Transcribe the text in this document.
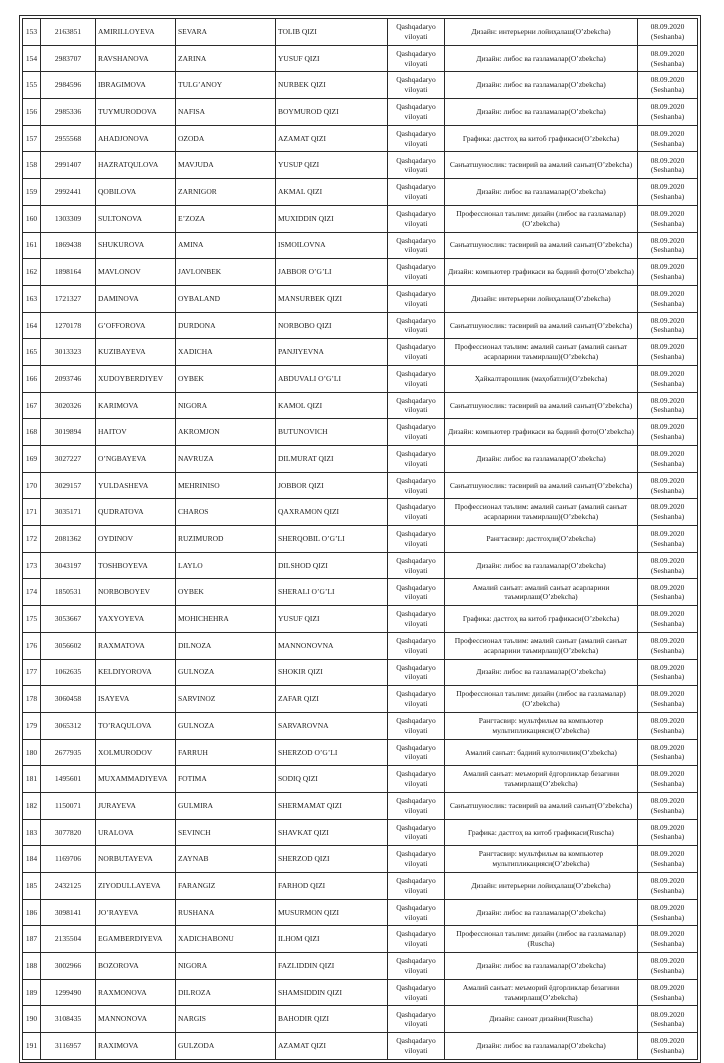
153	2163851	AMIRILLOYEVA	SEVARA	TOLIB QIZI	Qashqadaryo viloyati	Дизайн: интерьерни лойиҳалаш(O’zbekcha)	08.09.2020 (Seshanba)
154	2983707	RAVSHANOVA	ZARINA	YUSUF QIZI	Qashqadaryo viloyati	Дизайн: либос ва газламалар(O’zbekcha)	08.09.2020 (Seshanba)
155	2984596	IBRAGIMOVA	TULG’ANOY	NURBEK QIZI	Qashqadaryo viloyati	Дизайн: либос ва газламалар(O’zbekcha)	08.09.2020 (Seshanba)
156	2985336	TUYMURODOVA	NAFISA	BOYMUROD QIZI	Qashqadaryo viloyati	Дизайн: либос ва газламалар(O’zbekcha)	08.09.2020 (Seshanba)
157	2955568	AHADJONOVA	OZODA	AZAMAT QIZI	Qashqadaryo viloyati	Графика: дастгоҳ ва китоб графикаси(O’zbekcha)	08.09.2020 (Seshanba)
158	2991407	HAZRATQULOVA	MAVJUDA	YUSUP QIZI	Qashqadaryo viloyati	Санъатшунослик: тасвирий ва амалий санъат(O’zbekcha)	08.09.2020 (Seshanba)
159	2992441	QOBILOVA	ZARNIGOR	AKMAL QIZI	Qashqadaryo viloyati	Дизайн: либос ва газламалар(O’zbekcha)	08.09.2020 (Seshanba)
160	1303309	SULTONOVA	E’ZOZA	MUXIDDIN QIZI	Qashqadaryo viloyati	Профессионал таълим: дизайн (либос ва газламалар)(O’zbekcha)	08.09.2020 (Seshanba)
161	1869438	SHUKUROVA	AMINA	ISMOILOVNA	Qashqadaryo viloyati	Санъатшунослик: тасвирий ва амалий санъат(O’zbekcha)	08.09.2020 (Seshanba)
162	1898164	MAVLONOV	JAVLONBEK	JABBOR O’G’LI	Qashqadaryo viloyati	Дизайн: компьютер графикаси ва бадиий фото(O’zbekcha)	08.09.2020 (Seshanba)
163	1721327	DAMINOVA	OYBALAND	MANSURBEK QIZI	Qashqadaryo viloyati	Дизайн: интерьерни лойиҳалаш(O’zbekcha)	08.09.2020 (Seshanba)
164	1270178	G’OFFOROVA	DURDONA	NORBOBO QIZI	Qashqadaryo viloyati	Санъатшунослик: тасвирий ва амалий санъат(O’zbekcha)	08.09.2020 (Seshanba)
165	3013323	KUZIBAYEVA	XADICHA	PANJIYEVNA	Qashqadaryo viloyati	Профессионал таълим: амалий санъат (амалий санъат асарларини таъмирлаш)(O’zbekcha)	08.09.2020 (Seshanba)
166	2093746	XUDOYBERDIYEV	OYBEK	ABDUVALI O’G’LI	Qashqadaryo viloyati	Ҳайкалтарошлик (маҳобатли)(O’zbekcha)	08.09.2020 (Seshanba)
167	3020326	KARIMOVA	NIGORA	KAMOL QIZI	Qashqadaryo viloyati	Санъатшунослик: тасвирий ва амалий санъат(O’zbekcha)	08.09.2020 (Seshanba)
168	3019894	HAITOV	AKROMJON	BUTUNOVICH	Qashqadaryo viloyati	Дизайн: компьютер графикаси ва бадиий фото(O’zbekcha)	08.09.2020 (Seshanba)
169	3027227	O’NGBAYEVA	NAVRUZA	DILMURAT QIZI	Qashqadaryo viloyati	Дизайн: либос ва газламалар(O’zbekcha)	08.09.2020 (Seshanba)
170	3029157	YULDASHEVA	MEHRINISO	JOBBOR QIZI	Qashqadaryo viloyati	Санъатшунослик: тасвирий ва амалий санъат(O’zbekcha)	08.09.2020 (Seshanba)
171	3035171	QUDRATOVA	CHAROS	QAXRAMON QIZI	Qashqadaryo viloyati	Профессионал таълим: амалий санъат (амалий санъат асарларини таъмирлаш)(O’zbekcha)	08.09.2020 (Seshanba)
172	2081362	OYDINOV	RUZIMUROD	SHERQOBIL O’G’LI	Qashqadaryo viloyati	Рангтасвир: дастгоҳли(O’zbekcha)	08.09.2020 (Seshanba)
173	3043197	TOSHBOYEVA	LAYLO	DILSHOD QIZI	Qashqadaryo viloyati	Дизайн: либос ва газламалар(O’zbekcha)	08.09.2020 (Seshanba)
174	1850531	NORBOBOYEV	OYBEK	SHERALI O’G’LI	Qashqadaryo viloyati	Амалий санъат: амалий санъат асарларини таъмирлаш(O’zbekcha)	08.09.2020 (Seshanba)
175	3053667	YAXYOYEVA	MOHICHEHRA	YUSUF QIZI	Qashqadaryo viloyati	Графика: дастгоҳ ва китоб графикаси(O’zbekcha)	08.09.2020 (Seshanba)
176	3056602	RAXMATOVA	DILNOZA	MANNONOVNA	Qashqadaryo viloyati	Профессионал таълим: амалий санъат (амалий санъат асарларини таъмирлаш)(O’zbekcha)	08.09.2020 (Seshanba)
177	1062635	KELDIYOROVA	GULNOZA	SHOKIR QIZI	Qashqadaryo viloyati	Дизайн: либос ва газламалар(O’zbekcha)	08.09.2020 (Seshanba)
178	3060458	ISAYEVA	SARVINOZ	ZAFAR QIZI	Qashqadaryo viloyati	Профессионал таълим: дизайн (либос ва газламалар)(O’zbekcha)	08.09.2020 (Seshanba)
179	3065312	TO’RAQULOVA	GULNOZA	SARVAROVNA	Qashqadaryo viloyati	Рангтасвир: мультфильм ва компьютер мультипликацияси(O’zbekcha)	08.09.2020 (Seshanba)
180	2677935	XOLMURODOV	FARRUH	SHERZOD O’G’LI	Qashqadaryo viloyati	Амалий санъат: бадиий кулолчилик(O’zbekcha)	08.09.2020 (Seshanba)
181	1495601	MUXAMMADIYEVA	FOTIMA	SODIQ QIZI	Qashqadaryo viloyati	Амалий санъат: меъморий ёдгорликлар безагини таъмирлаш(O’zbekcha)	08.09.2020 (Seshanba)
182	1150071	JURAYEVA	GULMIRA	SHERMAMAT QIZI	Qashqadaryo viloyati	Санъатшунослик: тасвирий ва амалий санъат(O’zbekcha)	08.09.2020 (Seshanba)
183	3077820	URALOVA	SEVINCH	SHAVKAT QIZI	Qashqadaryo viloyati	Графика: дастгоҳ ва китоб графикаси(Ruscha)	08.09.2020 (Seshanba)
184	1169706	NORBUTAYEVA	ZAYNAB	SHERZOD QIZI	Qashqadaryo viloyati	Рангтасвир: мультфильм ва компьютер мультипликацияси(O’zbekcha)	08.09.2020 (Seshanba)
185	2432125	ZIYODULLAYEVA	FARANGIZ	FARHOD QIZI	Qashqadaryo viloyati	Дизайн: интерьерни лойиҳалаш(O’zbekcha)	08.09.2020 (Seshanba)
186	3098141	JO’RAYEVA	RUSHANA	MUSURMON QIZI	Qashqadaryo viloyati	Дизайн: либос ва газламалар(O’zbekcha)	08.09.2020 (Seshanba)
187	2135504	EGAMBERDIYEVA	XADICHABONU	ILHOM QIZI	Qashqadaryo viloyati	Профессионал таълим: дизайн (либос ва газламалар)(Ruscha)	08.09.2020 (Seshanba)
188	3002966	BOZOROVA	NIGORA	FAZLIDDIN QIZI	Qashqadaryo viloyati	Дизайн: либос ва газламалар(O’zbekcha)	08.09.2020 (Seshanba)
189	1299490	RAXMONOVA	DILROZA	SHAMSIDDIN QIZI	Qashqadaryo viloyati	Амалий санъат: меъморий ёдгорликлар безагини таъмирлаш(O’zbekcha)	08.09.2020 (Seshanba)
190	3108435	MANNONOVA	NARGIS	BAHODIR QIZI	Qashqadaryo viloyati	Дизайн: саноат дизайни(Ruscha)	08.09.2020 (Seshanba)
191	3116957	RAXIMOVA	GULZODA	AZAMAT QIZI	Qashqadaryo viloyati	Дизайн: либос ва газламалар(O’zbekcha)	08.09.2020 (Seshanba)
